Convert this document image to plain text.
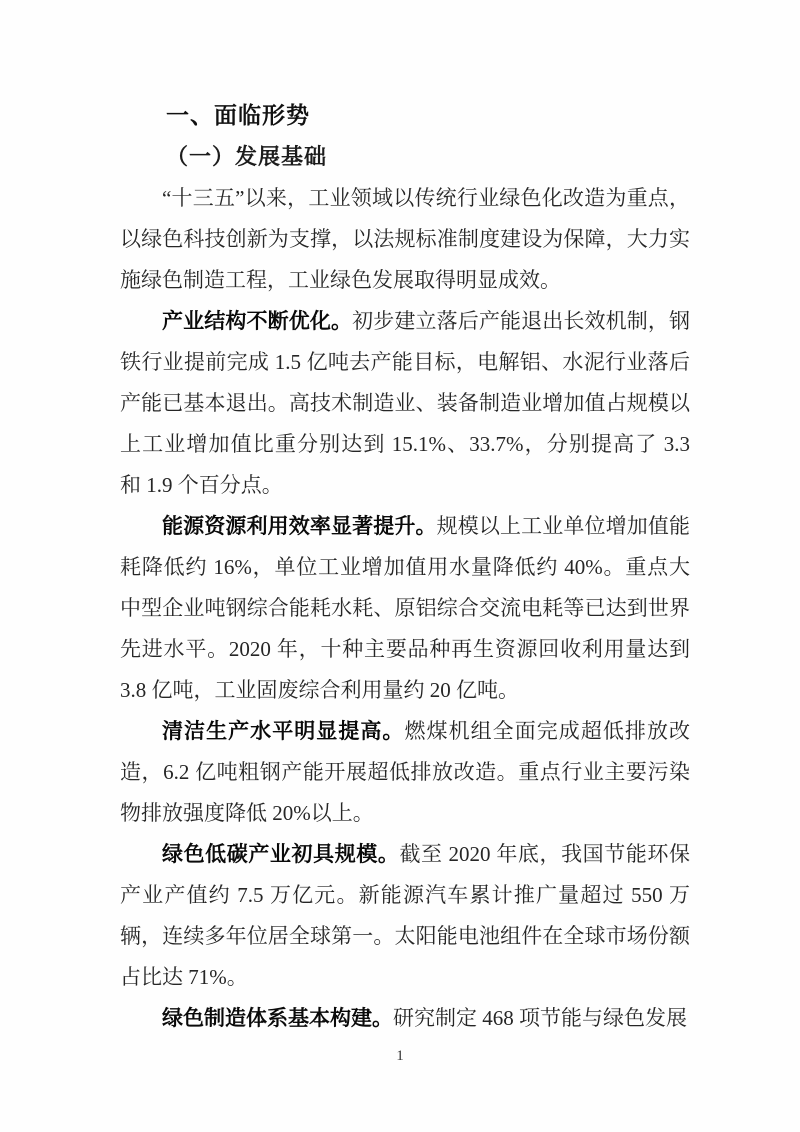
一、面临形势
（一）发展基础

“十三五”以来，工业领域以传统行业绿色化改造为重点，以绿色科技创新为支撑，以法规标准制度建设为保障，大力实施绿色制造工程，工业绿色发展取得明显成效。

产业结构不断优化。初步建立落后产能退出长效机制，钢铁行业提前完成 1.5 亿吨去产能目标，电解铝、水泥行业落后产能已基本退出。高技术制造业、装备制造业增加值占规模以上工业增加值比重分别达到 15.1%、33.7%，分别提高了 3.3 和 1.9 个百分点。

能源资源利用效率显著提升。规模以上工业单位增加值能耗降低约 16%，单位工业增加值用水量降低约 40%。重点大中型企业吨钢综合能耗水耗、原铝综合交流电耗等已达到世界先进水平。2020 年，十种主要品种再生资源回收利用量达到 3.8 亿吨，工业固废综合利用量约 20 亿吨。

清洁生产水平明显提高。燃煤机组全面完成超低排放改造，6.2 亿吨粗钢产能开展超低排放改造。重点行业主要污染物排放强度降低 20%以上。

绿色低碳产业初具规模。截至 2020 年底，我国节能环保产业产值约 7.5 万亿元。新能源汽车累计推广量超过 550 万辆，连续多年位居全球第一。太阳能电池组件在全球市场份额占比达 71%。

绿色制造体系基本构建。研究制定 468 项节能与绿色发展

1
